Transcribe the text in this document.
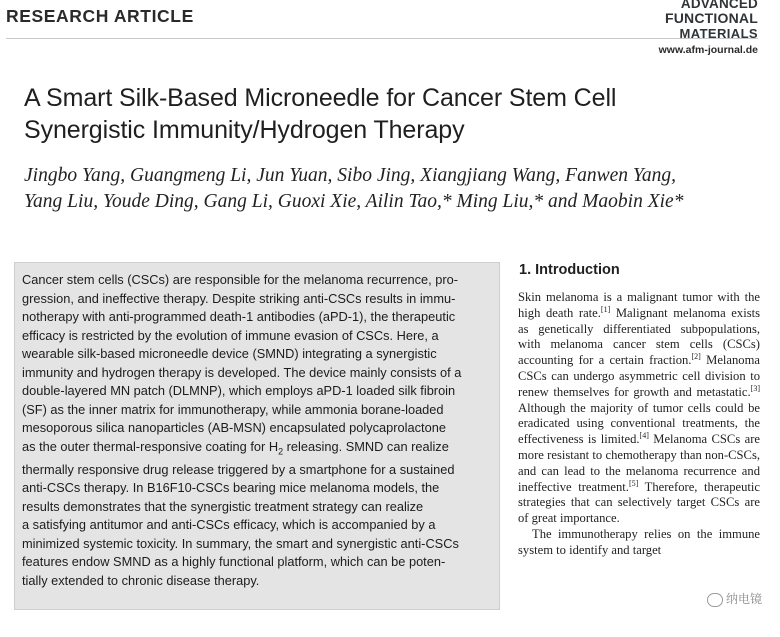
RESEARCH ARTICLE
ADVANCED
FUNCTIONAL
MATERIALS
www.afm-journal.de
A Smart Silk-Based Microneedle for Cancer Stem Cell
Synergistic Immunity/Hydrogen Therapy
Jingbo Yang, Guangmeng Li, Jun Yuan, Sibo Jing, Xiangjiang Wang, Fanwen Yang,
Yang Liu, Youde Ding, Gang Li, Guoxi Xie, Ailin Tao,* Ming Liu,* and Maobin Xie*
Cancer stem cells (CSCs) are responsible for the melanoma recurrence, pro-
gression, and ineffective therapy. Despite striking anti-CSCs results in immu-
notherapy with anti-programmed death-1 antibodies (aPD-1), the therapeutic
efficacy is restricted by the evolution of immune evasion of CSCs. Here, a
wearable silk-based microneedle device (SMND) integrating a synergistic
immunity and hydrogen therapy is developed. The device mainly consists of a
double-layered MN patch (DLMNP), which employs aPD-1 loaded silk fibroin
(SF) as the inner matrix for immunotherapy, while ammonia borane-loaded
mesoporous silica nanoparticles (AB-MSN) encapsulated polycaprolactone
as the outer thermal-responsive coating for $H_2$ releasing. SMND can realize
thermally responsive drug release triggered by a smartphone for a sustained
anti-CSCs therapy. In B16F10-CSCs bearing mice melanoma models, the
results demonstrates that the synergistic treatment strategy can realize
a satisfying antitumor and anti-CSCs efficacy, which is accompanied by a
minimized systemic toxicity. In summary, the smart and synergistic anti-CSCs
features endow SMND as a highly functional platform, which can be poten-
tially extended to chronic disease therapy.
1. Introduction
Skin melanoma is a malignant tumor with the high death rate.[1] Malignant melanoma exists as genetically differentiated subpopulations, with melanoma cancer stem cells (CSCs) accounting for a certain fraction.[2] Melanoma CSCs can undergo asymmetric cell division to renew themselves for growth and metastatic.[3] Although the majority of tumor cells could be eradicated using conventional treatments, the effectiveness is limited.[4] Melanoma CSCs are more resistant to chemotherapy than non-CSCs, and can lead to the melanoma recurrence and ineffective treatment.[5] Therefore, therapeutic strategies that can selectively target CSCs are of great importance.
The immunotherapy relies on the immune system to identify and target
纳电镜
